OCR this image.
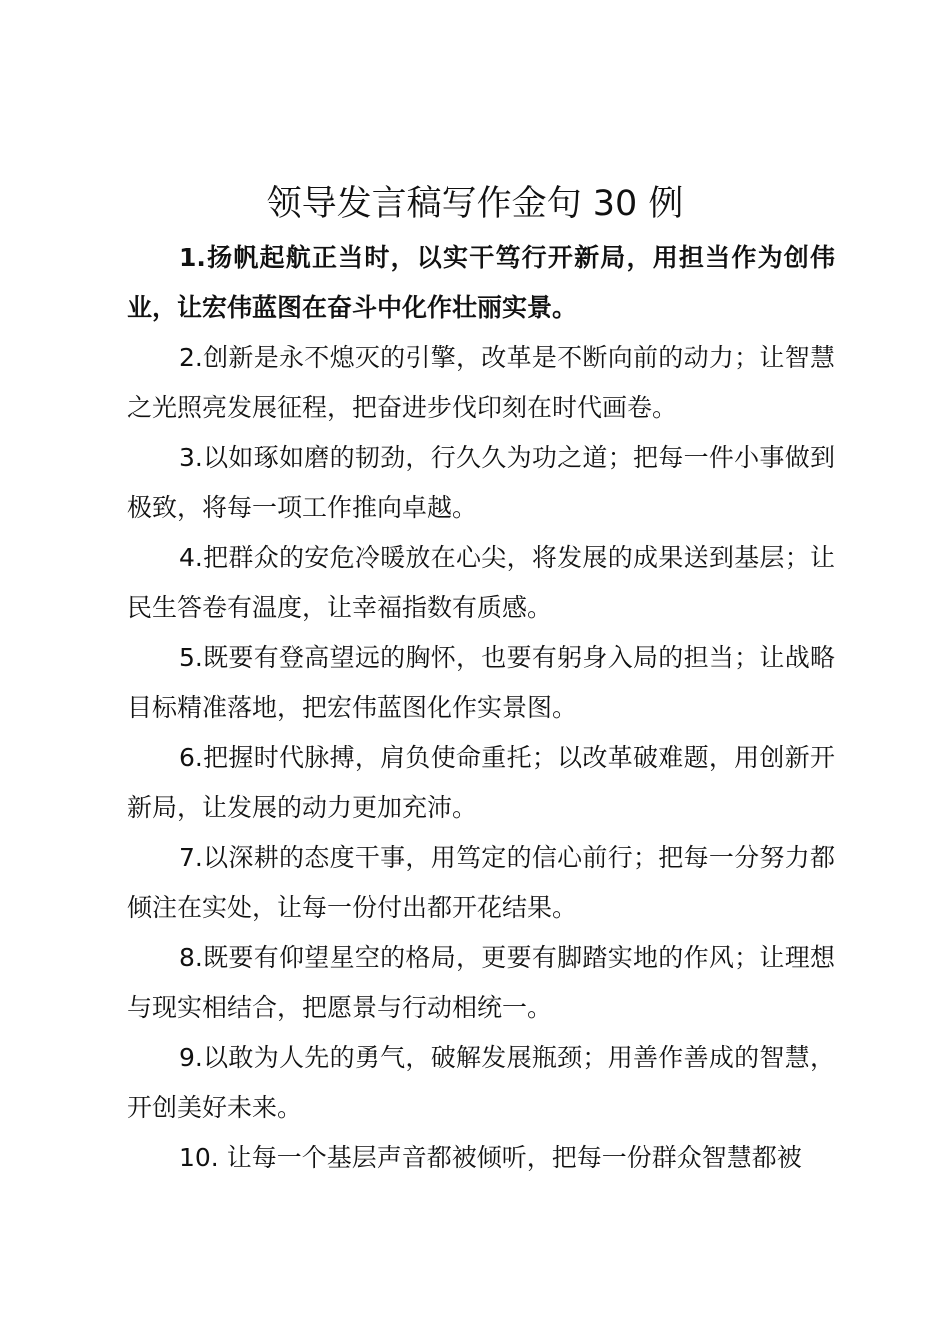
领导发言稿写作金句 30 例

1.扬帆起航正当时，以实干笃行开新局，用担当作为创伟业，让宏伟蓝图在奋斗中化作壮丽实景。

2.创新是永不熄灭的引擎，改革是不断向前的动力；让智慧之光照亮发展征程，把奋进步伐印刻在时代画卷。

3.以如琢如磨的韧劲，行久久为功之道；把每一件小事做到极致，将每一项工作推向卓越。

4.把群众的安危冷暖放在心尖，将发展的成果送到基层；让民生答卷有温度，让幸福指数有质感。

5.既要有登高望远的胸怀，也要有躬身入局的担当；让战略目标精准落地，把宏伟蓝图化作实景图。

6.把握时代脉搏，肩负使命重托；以改革破难题，用创新开新局，让发展的动力更加充沛。

7.以深耕的态度干事，用笃定的信心前行；把每一分努力都倾注在实处，让每一份付出都开花结果。

8.既要有仰望星空的格局，更要有脚踏实地的作风；让理想与现实相结合，把愿景与行动相统一。

9.以敢为人先的勇气，破解发展瓶颈；用善作善成的智慧，开创美好未来。

10. 让每一个基层声音都被倾听，把每一份群众智慧都被
